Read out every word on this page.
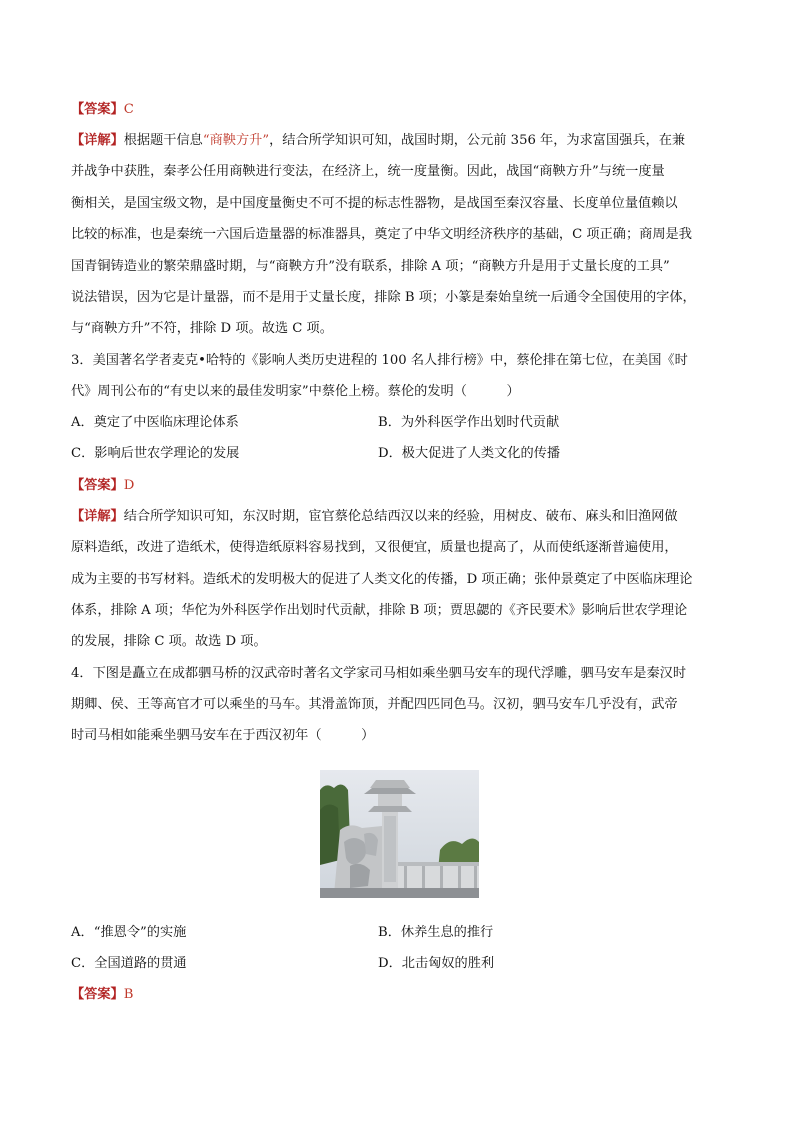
【答案】C
【详解】根据题干信息“商鞅方升”，结合所学知识可知，战国时期，公元前 356 年，为求富国强兵，在兼
并战争中获胜，秦孝公任用商鞅进行变法，在经济上，统一度量衡。因此，战国“商鞅方升”与统一度量
衡相关，是国宝级文物，是中国度量衡史不可不提的标志性器物，是战国至秦汉容量、长度单位量值赖以
比较的标准，也是秦统一六国后造量器的标准器具，奠定了中华文明经济秩序的基础，C 项正确；商周是我
国青铜铸造业的繁荣鼎盛时期，与“商鞅方升”没有联系，排除 A 项；“商鞅方升是用于丈量长度的工具”
说法错误，因为它是计量器，而不是用于丈量长度，排除 B 项；小篆是秦始皇统一后通令全国使用的字体，
与“商鞅方升”不符，排除 D 项。故选 C 项。
3．美国著名学者麦克•哈特的《影响人类历史进程的 100 名人排行榜》中，蔡伦排在第七位，在美国《时
代》周刊公布的“有史以来的最佳发明家”中蔡伦上榜。蔡伦的发明（　　　）
A．奠定了中医临床理论体系	B．为外科医学作出划时代贡献
C．影响后世农学理论的发展	D．极大促进了人类文化的传播
【答案】D
【详解】结合所学知识可知，东汉时期，宦官蔡伦总结西汉以来的经验，用树皮、破布、麻头和旧渔网做
原料造纸，改进了造纸术，使得造纸原料容易找到，又很便宜，质量也提高了，从而使纸逐渐普遍使用，
成为主要的书写材料。造纸术的发明极大的促进了人类文化的传播，D 项正确；张仲景奠定了中医临床理论
体系，排除 A 项；华佗为外科医学作出划时代贡献，排除 B 项；贾思勰的《齐民要术》影响后世农学理论
的发展，排除 C 项。故选 D 项。
4．下图是矗立在成都驷马桥的汉武帝时著名文学家司马相如乘坐驷马安车的现代浮雕，驷马安车是秦汉时
期卿、侯、王等高官才可以乘坐的马车。其滑盖饰顶，并配四匹同色马。汉初，驷马安车几乎没有，武帝
时司马相如能乘坐驷马安车在于西汉初年（　　　）
A．“推恩令”的实施	B．休养生息的推行
C．全国道路的贯通	D．北击匈奴的胜利
【答案】B
